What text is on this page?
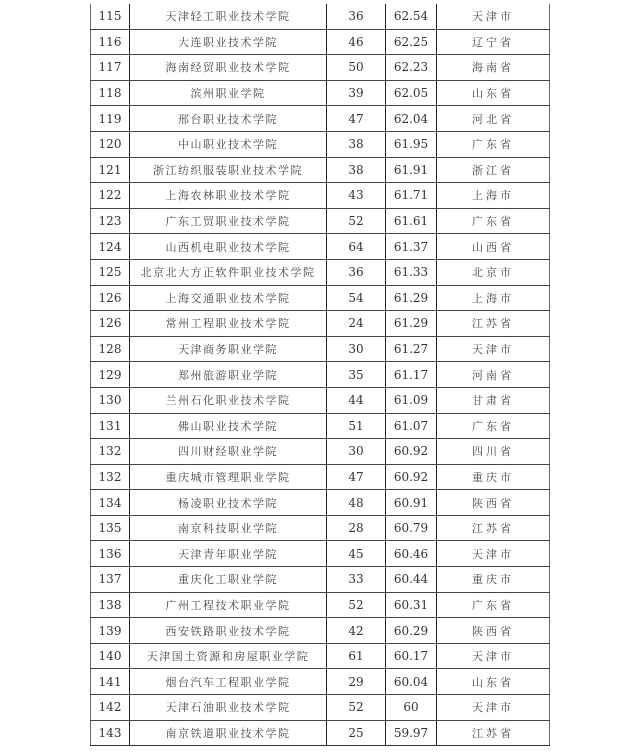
115	天津轻工职业技术学院	36	62.54	天津市
116	大连职业技术学院	46	62.25	辽宁省
117	海南经贸职业技术学院	50	62.23	海南省
118	滨州职业学院	39	62.05	山东省
119	邢台职业技术学院	47	62.04	河北省
120	中山职业技术学院	38	61.95	广东省
121	浙江纺织服装职业技术学院	38	61.91	浙江省
122	上海农林职业技术学院	43	61.71	上海市
123	广东工贸职业技术学院	52	61.61	广东省
124	山西机电职业技术学院	64	61.37	山西省
125	北京北大方正软件职业技术学院	36	61.33	北京市
126	上海交通职业技术学院	54	61.29	上海市
126	常州工程职业技术学院	24	61.29	江苏省
128	天津商务职业学院	30	61.27	天津市
129	郑州旅游职业学院	35	61.17	河南省
130	兰州石化职业技术学院	44	61.09	甘肃省
131	佛山职业技术学院	51	61.07	广东省
132	四川财经职业学院	30	60.92	四川省
132	重庆城市管理职业学院	47	60.92	重庆市
134	杨凌职业技术学院	48	60.91	陕西省
135	南京科技职业学院	28	60.79	江苏省
136	天津青年职业学院	45	60.46	天津市
137	重庆化工职业学院	33	60.44	重庆市
138	广州工程技术职业学院	52	60.31	广东省
139	西安铁路职业技术学院	42	60.29	陕西省
140	天津国土资源和房屋职业学院	61	60.17	天津市
141	烟台汽车工程职业学院	29	60.04	山东省
142	天津石油职业技术学院	52	60	天津市
143	南京铁道职业技术学院	25	59.97	江苏省
